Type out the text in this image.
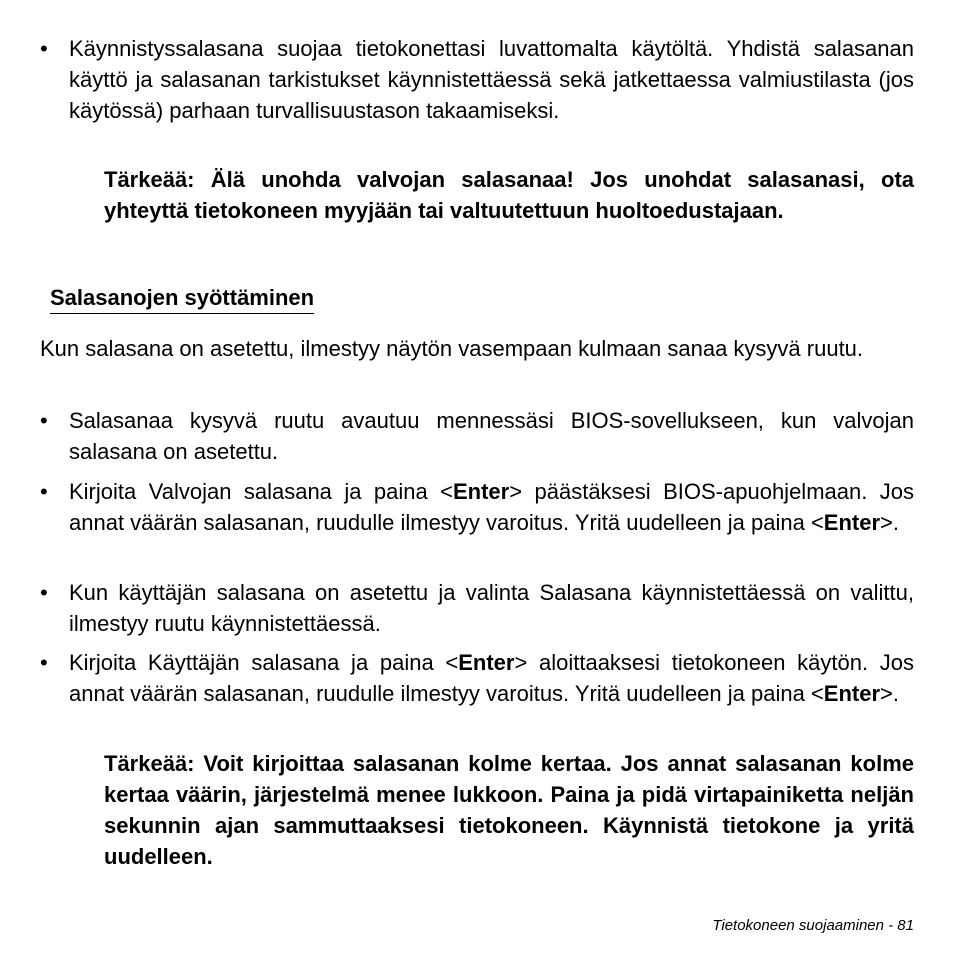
• Käynnistyssalasana suojaa tietokonettasi luvattomalta käytöltä. Yhdistä salasanan käyttö ja salasanan tarkistukset käynnistettäessä sekä jatkettaessa valmiustilasta (jos käytössä) parhaan turvallisuustason takaamiseksi.
Tärkeää: Älä unohda valvojan salasanaa! Jos unohdat salasanasi, ota yhteyttä tietokoneen myyjään tai valtuutettuun huoltoedustajaan.
Salasanojen syöttäminen
Kun salasana on asetettu, ilmestyy näytön vasempaan kulmaan sanaa kysyvä ruutu.
• Salasanaa kysyvä ruutu avautuu mennessäsi BIOS-sovellukseen, kun valvojan salasana on asetettu.
• Kirjoita Valvojan salasana ja paina <Enter> päästäksesi BIOS-apuohjelmaan. Jos annat väärän salasanan, ruudulle ilmestyy varoitus. Yritä uudelleen ja paina <Enter>.
• Kun käyttäjän salasana on asetettu ja valinta Salasana käynnistettäessä on valittu, ilmestyy ruutu käynnistettäessä.
• Kirjoita Käyttäjän salasana ja paina <Enter> aloittaaksesi tietokoneen käytön. Jos annat väärän salasanan, ruudulle ilmestyy varoitus. Yritä uudelleen ja paina <Enter>.
Tärkeää: Voit kirjoittaa salasanan kolme kertaa. Jos annat salasanan kolme kertaa väärin, järjestelmä menee lukkoon. Paina ja pidä virtapainiketta neljän sekunnin ajan sammuttaaksesi tietokoneen. Käynnistä tietokone ja yritä uudelleen.
Tietokoneen suojaaminen - 81
